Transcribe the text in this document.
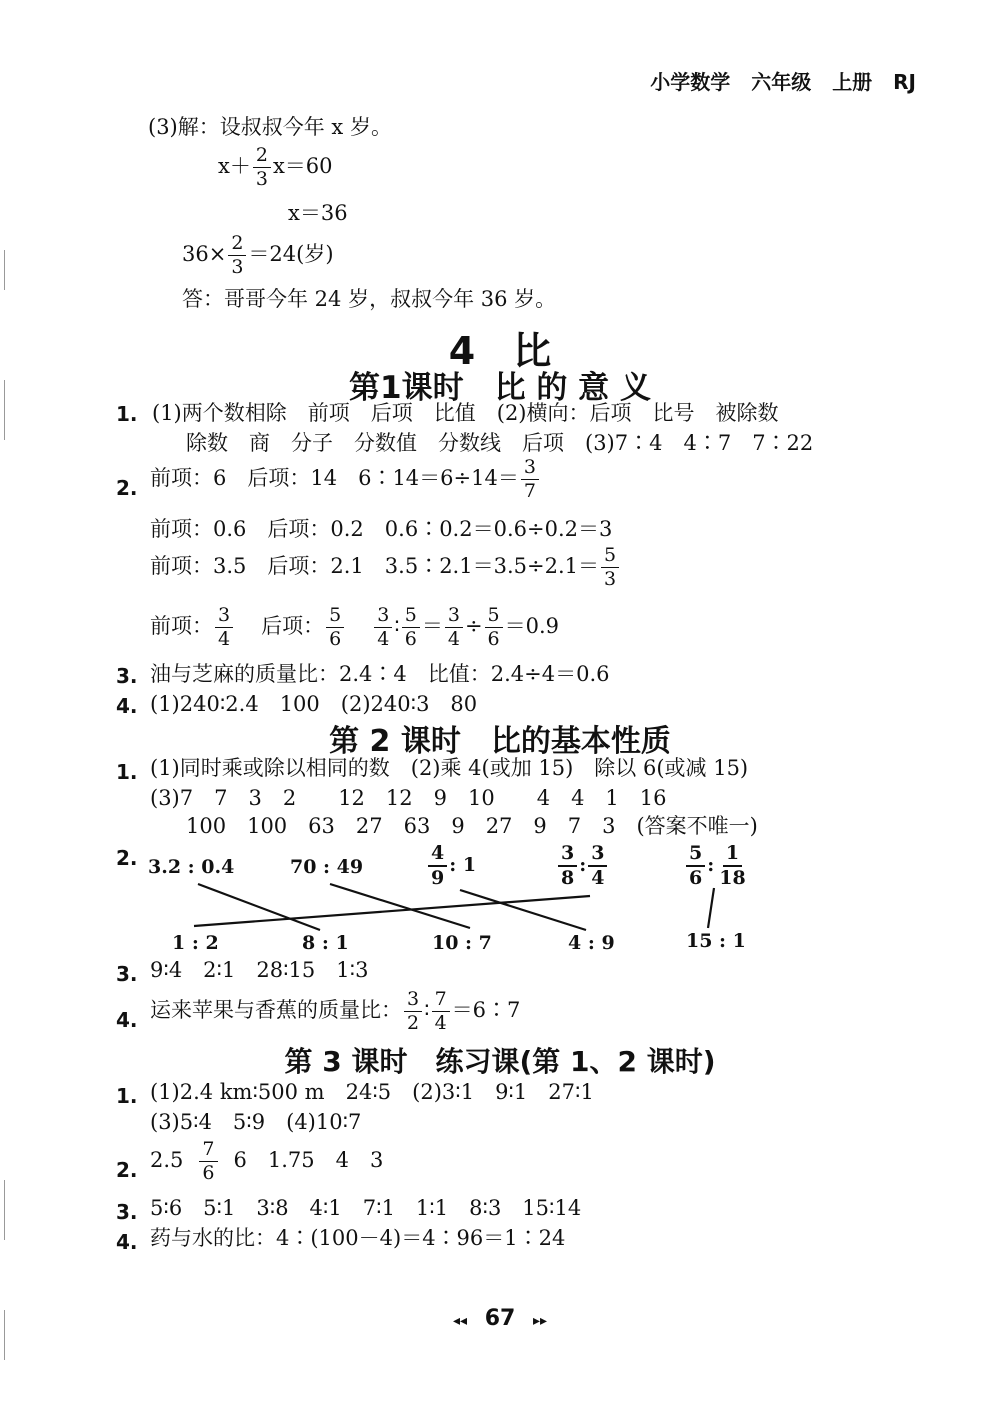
小学数学 六年级 上册 RJ
(3)解：设叔叔今年 x 岁。
$x+ \frac{2}{3} x=60$
x＝36
$36\times \frac{2}{3} =24$(岁)
答：哥哥今年 24 岁，叔叔今年 36 岁。
4　比
第1课时　比 的 意 义
1. (1)两个数相除　前项　后项　比值　(2)横向：后项　比号　被除数
除数　商　分子　分数值　分数线　后项　(3)7∶4　4∶7　7∶22
2. 前项：6　后项：14　6∶14＝6÷14＝ $\frac{3}{7}$
前项：0.6　后项：0.2　0.6∶0.2＝0.6÷0.2＝3
前项：3.5　后项：2.1　3.5∶2.1＝3.5÷2.1＝ $\frac{5}{3}$
前项： $\frac{3}{4}$ 后项： $\frac{5}{6} \frac{3}{4}$ ∶ $\frac{5}{6} = \frac{3}{4} \div \frac{5}{6} =0.9$
3. 油与芝麻的质量比：2.4∶4　比值：2.4÷4＝0.6
4. (1)240∶2.4　100　(2)240∶3　80
第 2 课时　比的基本性质
1. (1)同时乘或除以相同的数　(2)乘 4(或加 15)　除以 6(或减 15)
(3)7　7　3　2　　12　12　9　10　　4　4　1　16
100　100　63　27　63　9　27　9　7　3　(答案不唯一)
2. 3.2 : 0.4	70 : 49	$\frac{4}{9}$ : 1	$\frac{3}{8}$ : $\frac{3}{4}$	$\frac{5}{6}$ : $\frac{1}{18}$
1 : 2	8 : 1	10 : 7	4 : 9	15 : 1
3. 9∶4　2∶1　28∶15　1∶3
4. 运来苹果与香蕉的质量比： $\frac{3}{2}$ ∶ $\frac{7}{4}$ ＝6∶7
第 3 课时　练习课(第 1、2 课时)
1. (1)2.4 km∶500 m　24∶5　(2)3∶1　9∶1　27∶1
(3)5∶4　5∶9　(4)10∶7
2. $2.5 \frac{7}{6} 6$　1.75　4　3
3. 5∶6　5∶1　3∶8　4∶1　7∶1　1∶1　8∶3　15∶14
4. 药与水的比：4∶(100－4)＝4∶96＝1∶24
◂◂ 67 ▸▸
